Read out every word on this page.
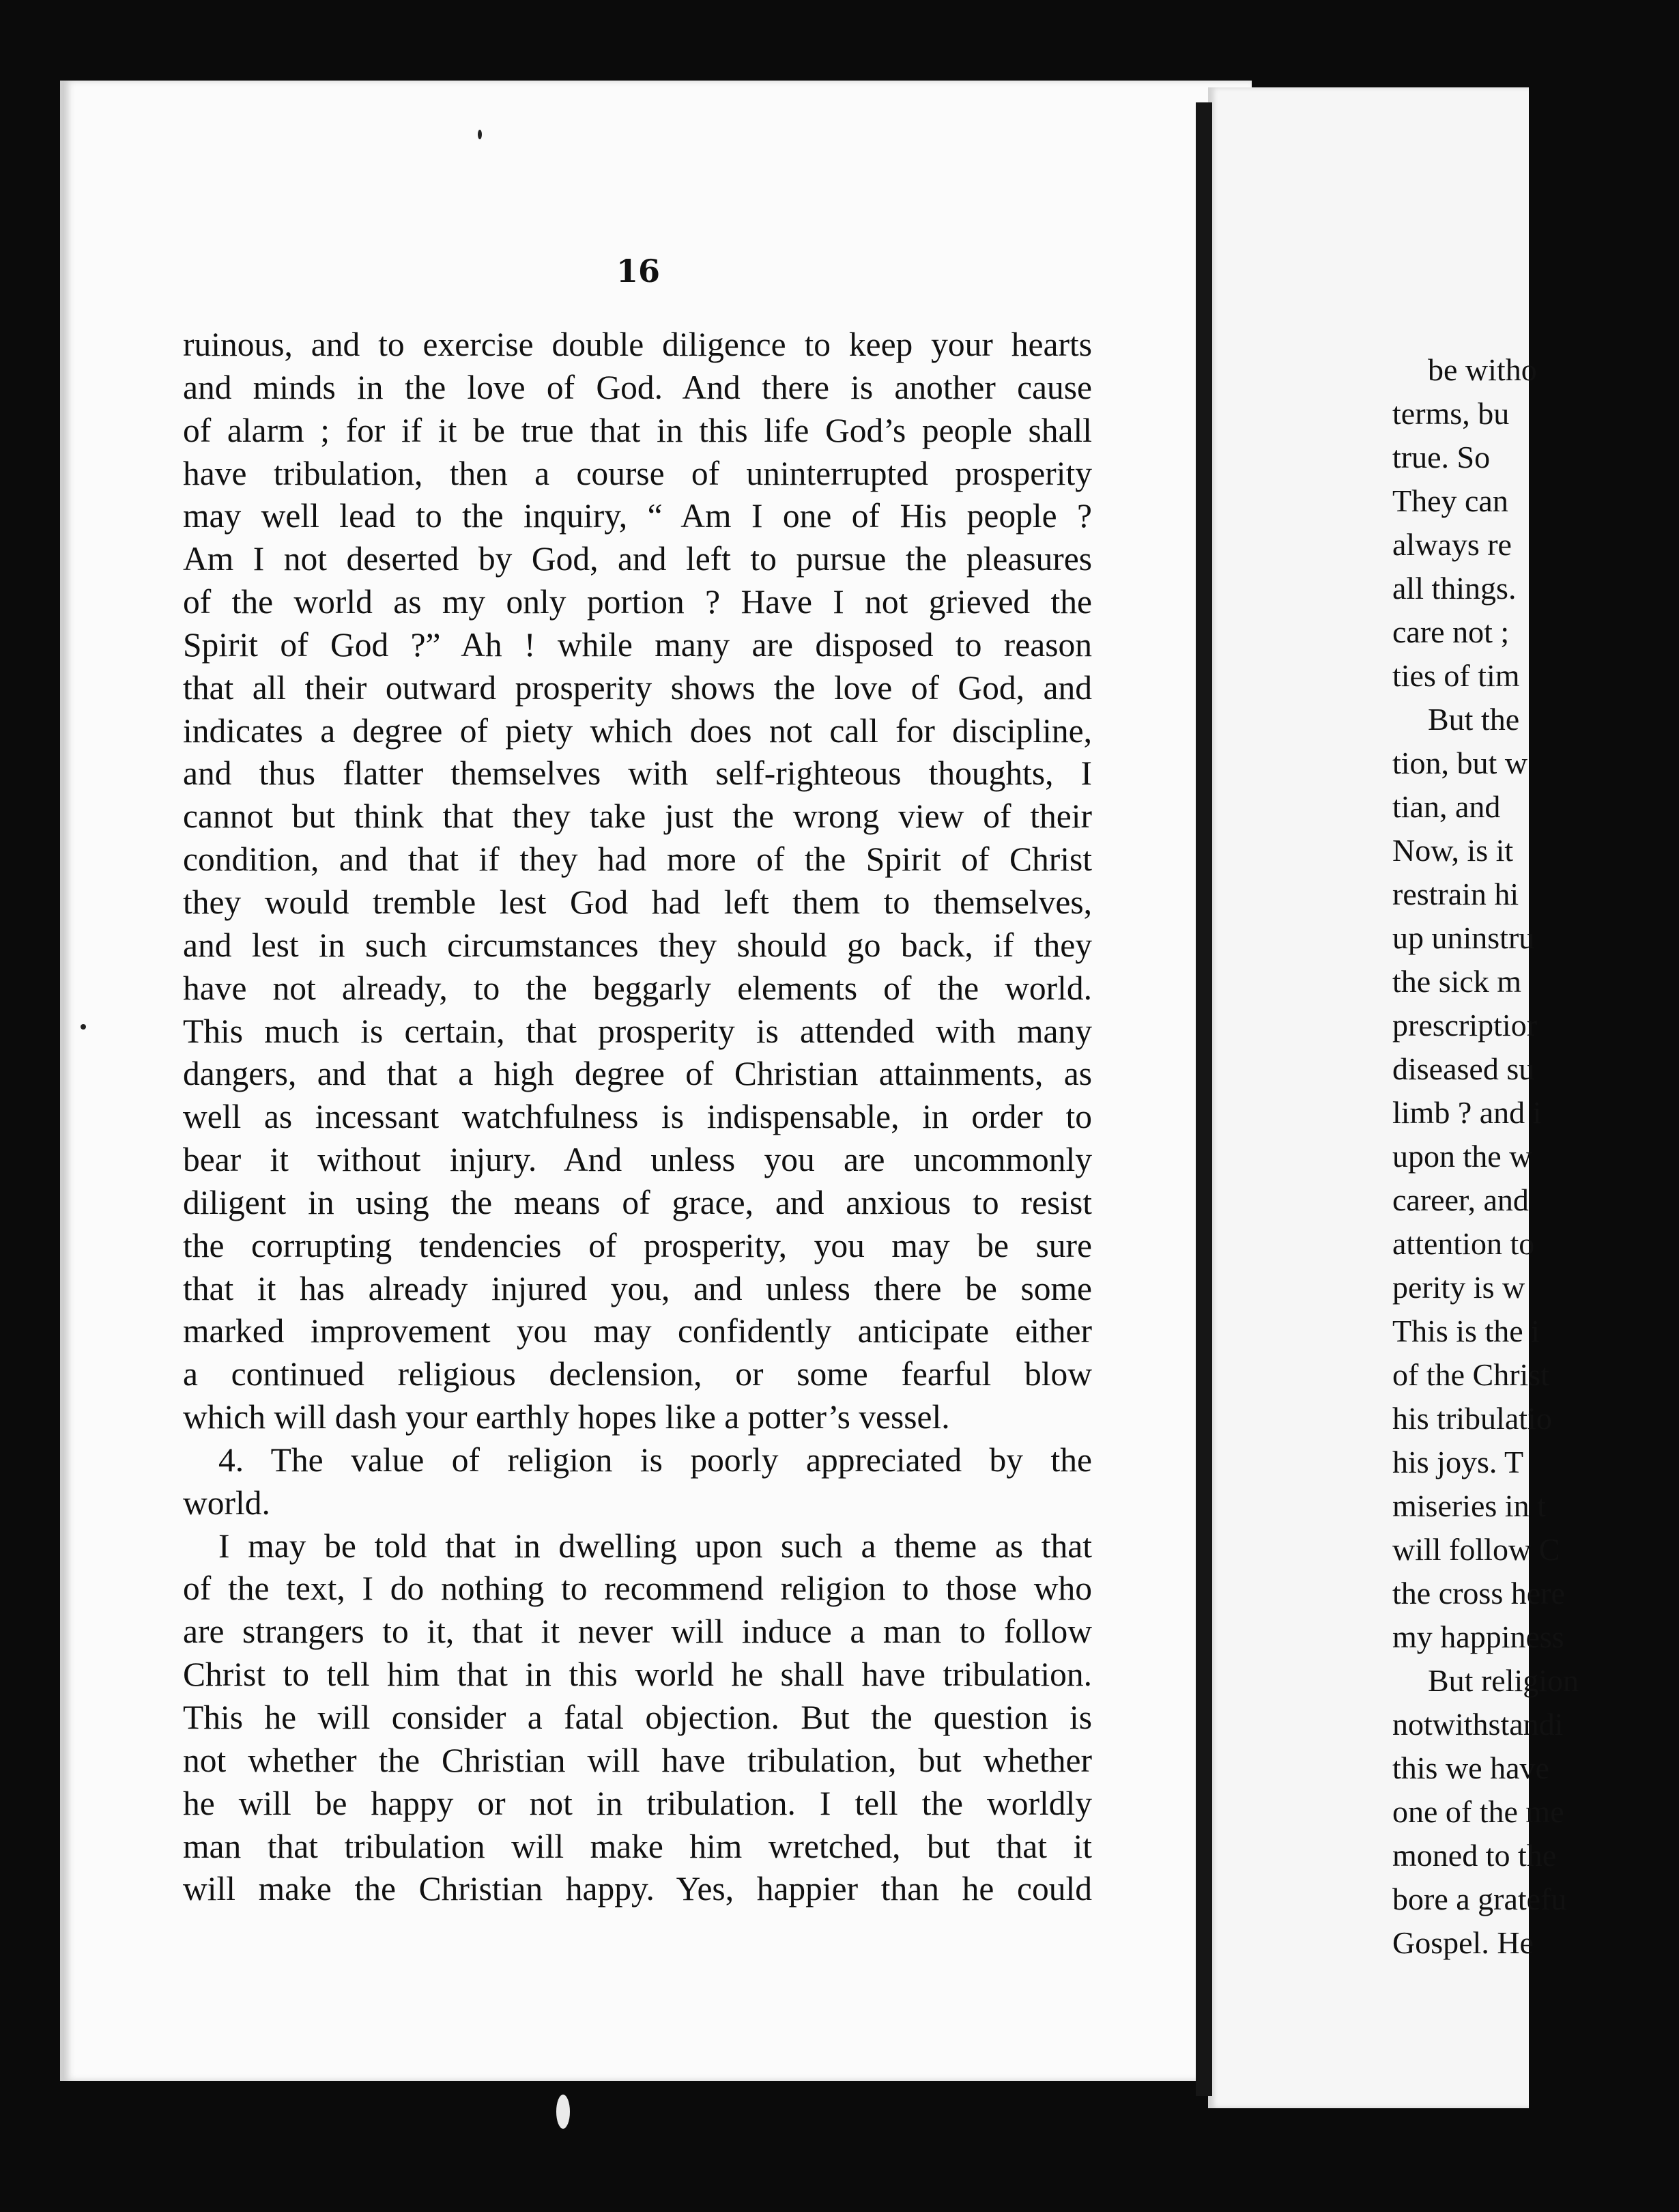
16

ruinous, and to exercise double diligence to keep your hearts

and minds in the love of God. And there is another cause

of alarm ; for if it be true that in this life God’s people shall

have tribulation, then a course of uninterrupted prosperity

may well lead to the inquiry, “ Am I one of His people ?

Am I not deserted by God, and left to pursue the pleasures

of the world as my only portion ? Have I not grieved the

Spirit of God ?” Ah ! while many are disposed to reason

that all their outward prosperity shows the love of God, and

indicates a degree of piety which does not call for discipline,

and thus flatter themselves with self-righteous thoughts, I

cannot but think that they take just the wrong view of their

condition, and that if they had more of the Spirit of Christ

they would tremble lest God had left them to themselves,

and lest in such circumstances they should go back, if they

have not already, to the beggarly elements of the world.

This much is certain, that prosperity is attended with many

dangers, and that a high degree of Christian attainments, as

well as incessant watchfulness is indispensable, in order to

bear it without injury. And unless you are uncommonly

diligent in using the means of grace, and anxious to resist

the corrupting tendencies of prosperity, you may be sure

that it has already injured you, and unless there be some

marked improvement you may confidently anticipate either

a continued religious declension, or some fearful blow

which will dash your earthly hopes like a potter’s vessel.

4. The value of religion is poorly appreciated by the

world.

I may be told that in dwelling upon such a theme as that

of the text, I do nothing to recommend religion to those who

are strangers to it, that it never will induce a man to follow

Christ to tell him that in this world he shall have tribulation.

This he will consider a fatal objection. But the question is

not whether the Christian will have tribulation, but whether

he will be happy or not in tribulation. I tell the worldly

man that tribulation will make him wretched, but that it

will make the Christian happy. Yes, happier than he could

be witho
terms, bu
true. So
They can
always re
all things.
care not ;
ties of tim
But the
tion, but w
tian, and
Now, is it
restrain hi
up uninstru
the sick m
prescriptior
diseased su
limb ? and i
upon the w
career, and
attention to
perity is w
This is the i
of the Christ
his tribulatio
his joys. T
miseries in t
will follow C
the cross here
my happiness
But religion
notwithstandi
this we have
one of the me
moned to the
bore a gratefu
Gospel. He
